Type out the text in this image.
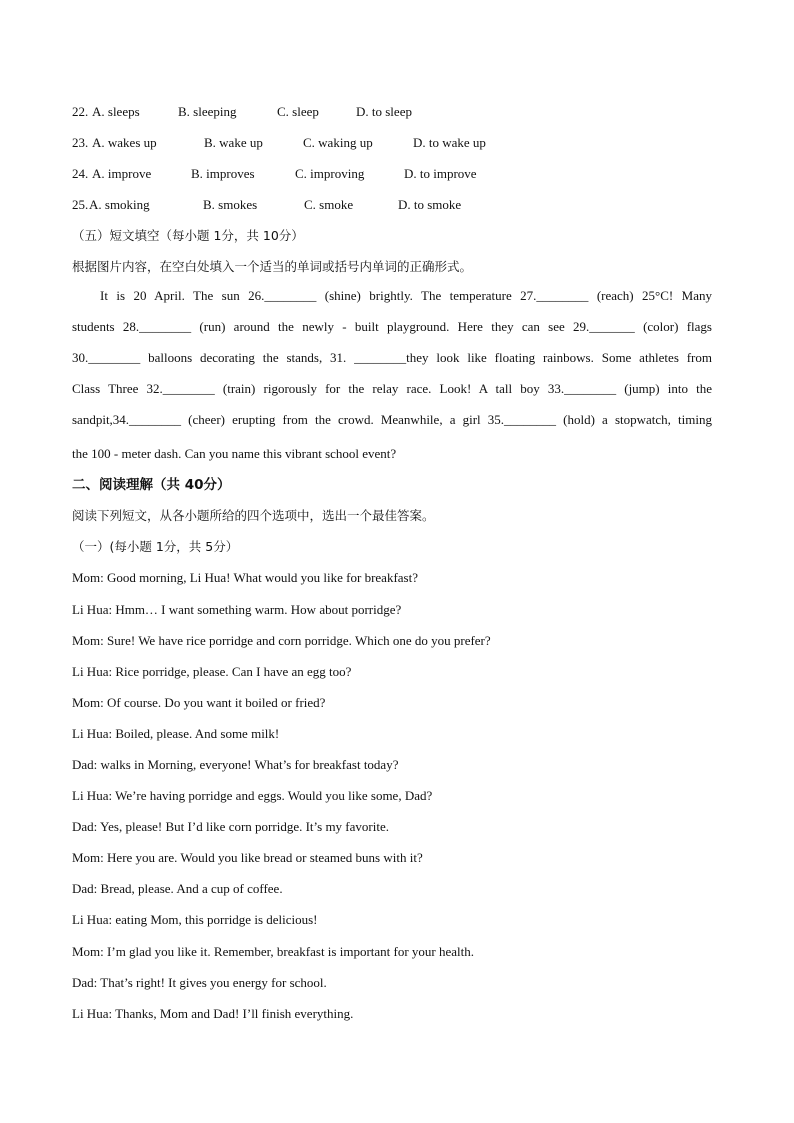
22. A. sleeps	B. sleeping	C. sleep	D. to sleep
23. A. wakes up	B. wake up	C. waking up	D. to wake up
24. A. improve	B. improves	C. improving	D. to improve
25. A. smoking	B. smokes	C. smoke	D. to smoke
（五）短文填空（每小题 1分，共 10分）
根据图片内容，在空白处填入一个适当的单词或括号内单词的正确形式。
It is 20 April. The sun 26.________ (shine) brightly. The temperature 27.________ (reach) 25°C! Many
students 28.________ (run) around the newly - built playground. Here they can see 29._______ (color) flags
30.________ balloons decorating the stands, 31. ________they look like floating rainbows. Some athletes from
Class Three 32.________ (train) rigorously for the relay race. Look! A tall boy 33.________ (jump) into the
sandpit,34.________ (cheer) erupting from the crowd. Meanwhile, a girl 35.________ (hold) a stopwatch, timing
the 100 - meter dash. Can you name this vibrant school event?
二、阅读理解（共 40分）
阅读下列短文，从各小题所给的四个选项中，选出一个最佳答案。
（一）(每小题 1分，共 5分）
Mom: Good morning, Li Hua! What would you like for breakfast?
Li Hua: Hmm… I want something warm. How about porridge?
Mom: Sure! We have rice porridge and corn porridge. Which one do you prefer?
Li Hua: Rice porridge, please. Can I have an egg too?
Mom: Of course. Do you want it boiled or fried?
Li Hua: Boiled, please. And some milk!
Dad: walks in Morning, everyone! What’s for breakfast today?
Li Hua: We’re having porridge and eggs. Would you like some, Dad?
Dad: Yes, please! But I’d like corn porridge. It’s my favorite.
Mom: Here you are. Would you like bread or steamed buns with it?
Dad: Bread, please. And a cup of coffee.
Li Hua: eating Mom, this porridge is delicious!
Mom: I’m glad you like it. Remember, breakfast is important for your health.
Dad: That’s right! It gives you energy for school.
Li Hua: Thanks, Mom and Dad! I’ll finish everything.
